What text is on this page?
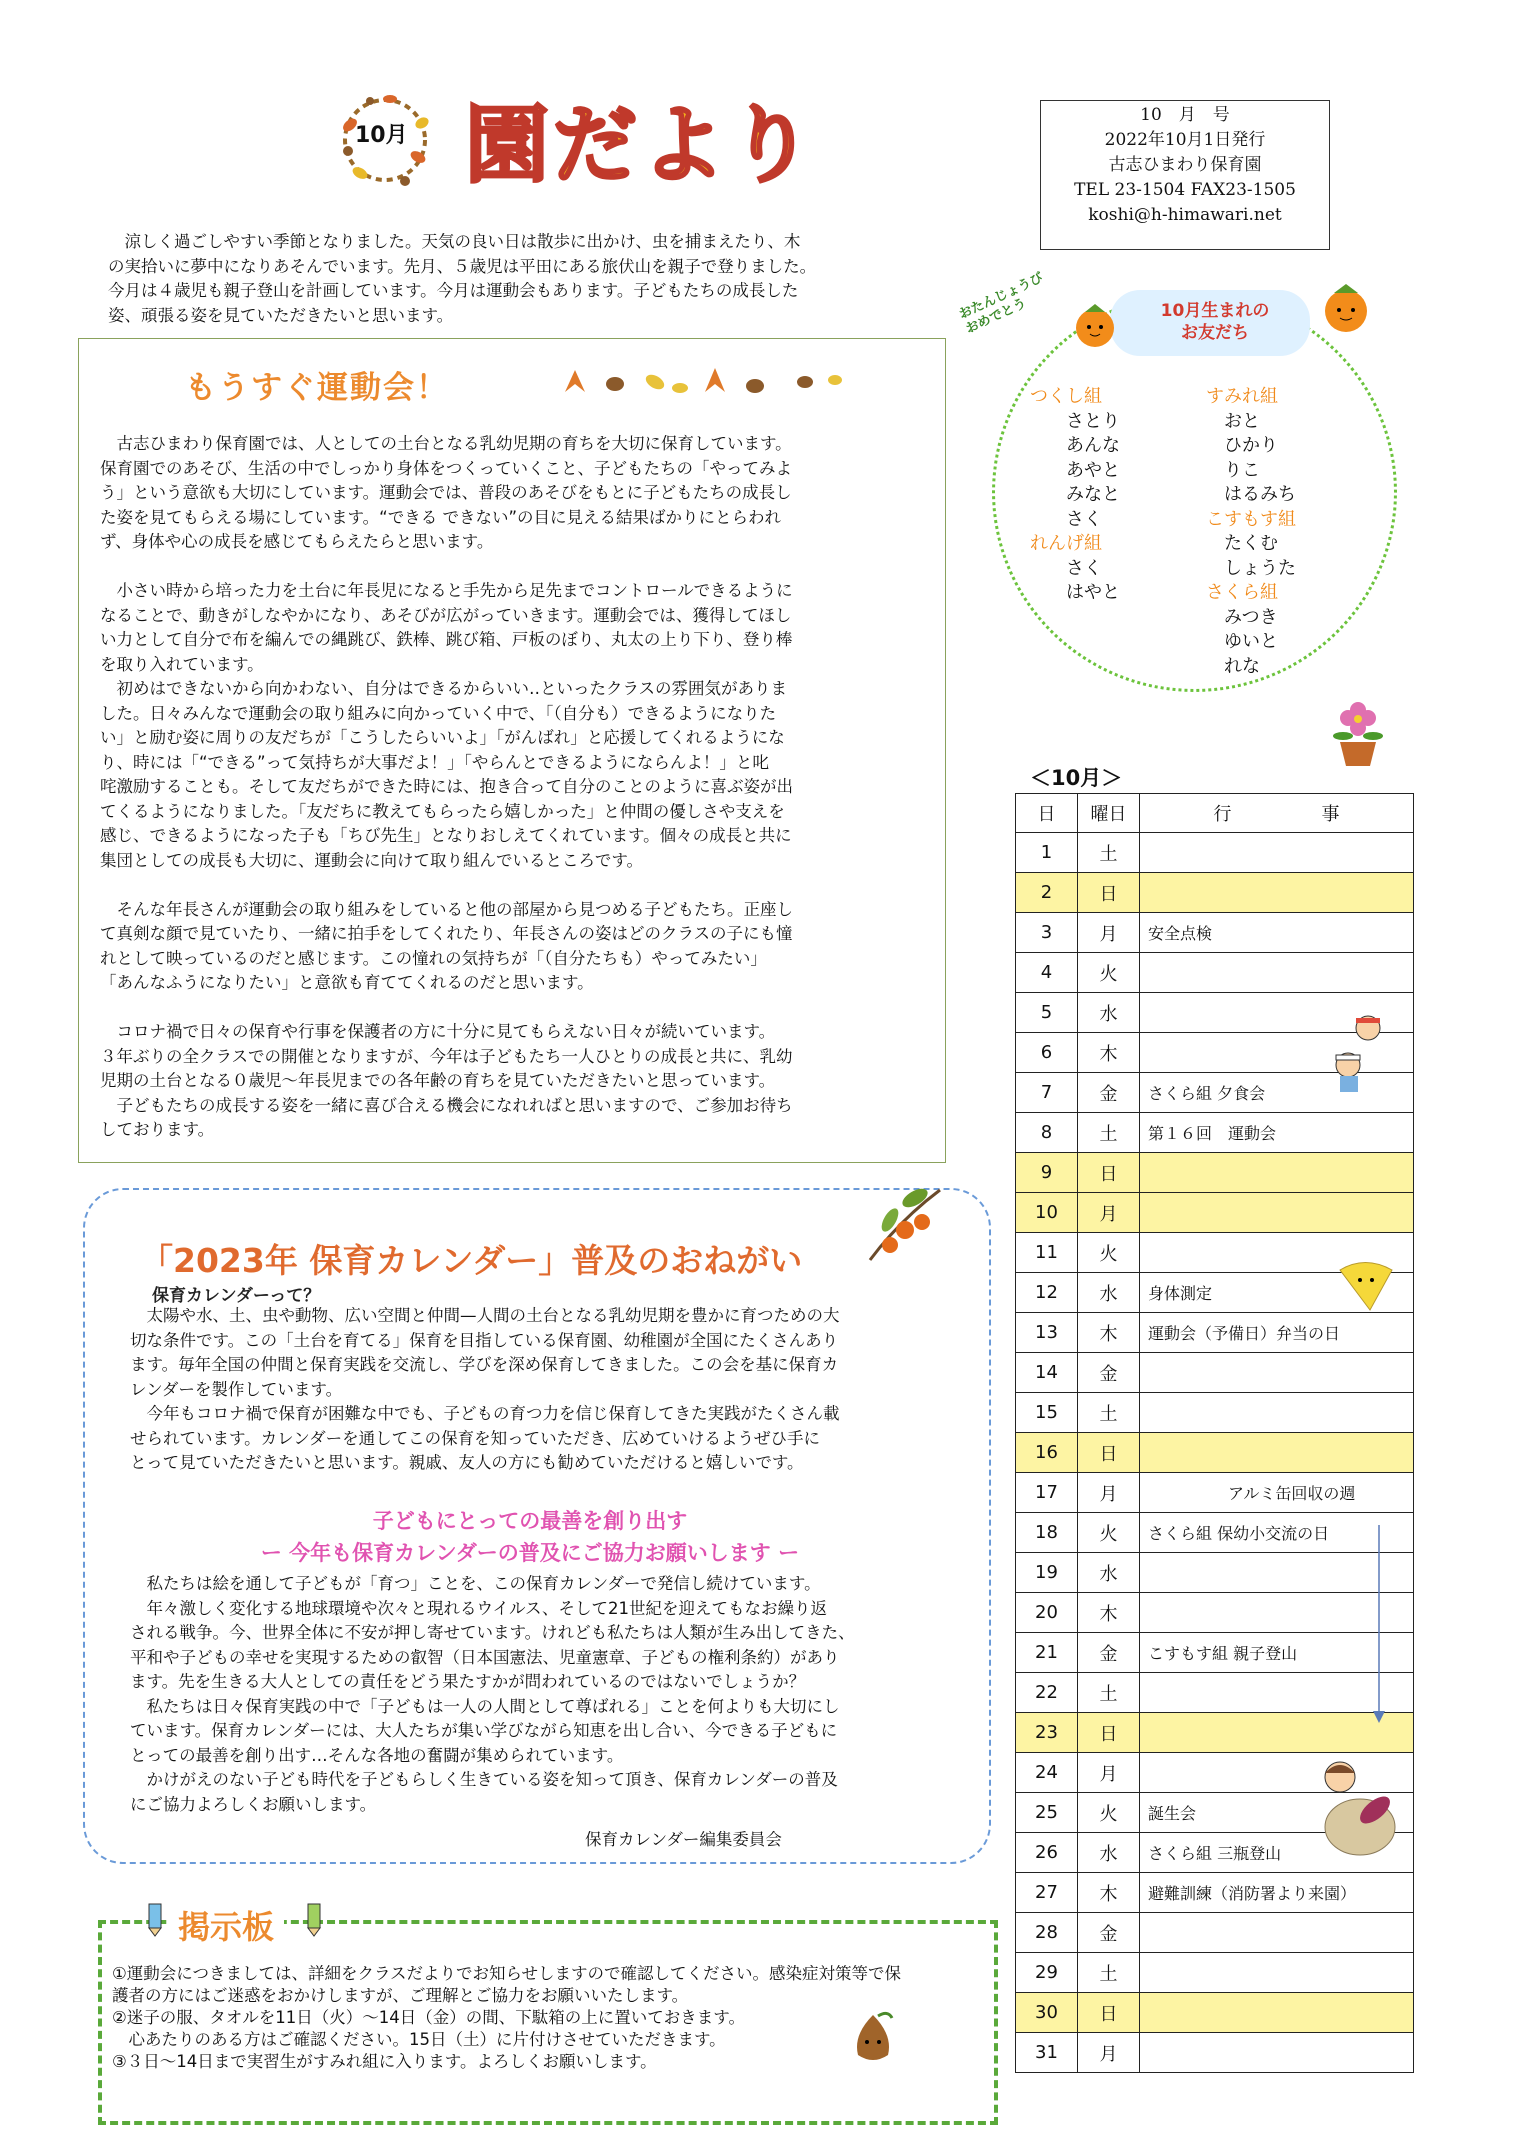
10月 園だより	10　月　号
2022年10月1日発行
古志ひまわり保育園
TEL 23-1504 FAX23-1505
koshi@h-himawari.net

　涼しく過ごしやすい季節となりました。天気の良い日は散歩に出かけ、虫を捕まえたり、木
の実拾いに夢中になりあそんでいます。先月、５歳児は平田にある旅伏山を親子で登りました。
今月は４歳児も親子登山を計画しています。今月は運動会もあります。子どもたちの成長した
姿、頑張る姿を見ていただきたいと思います。

もうすぐ運動会！

　古志ひまわり保育園では、人としての土台となる乳幼児期の育ちを大切に保育しています。
保育園でのあそび、生活の中でしっかり身体をつくっていくこと、子どもたちの「やってみよ
う」という意欲も大切にしています。運動会では、普段のあそびをもとに子どもたちの成長し
た姿を見てもらえる場にしています。“できる できない”の目に見える結果ばかりにとらわれ
ず、身体や心の成長を感じてもらえたらと思います。

　小さい時から培った力を土台に年長児になると手先から足先までコントロールできるように
なることで、動きがしなやかになり、あそびが広がっていきます。運動会では、獲得してほし
い力として自分で布を編んでの縄跳び、鉄棒、跳び箱、戸板のぼり、丸太の上り下り、登り棒
を取り入れています。
　初めはできないから向かわない、自分はできるからいい‥といったクラスの雰囲気がありま
した。日々みんなで運動会の取り組みに向かっていく中で、「（自分も）できるようになりた
い」と励む姿に周りの友だちが「こうしたらいいよ」「がんばれ」と応援してくれるようにな
り、時には「“できる”って気持ちが大事だよ！」「やらんとできるようにならんよ！」と叱
咤激励することも。そして友だちができた時には、抱き合って自分のことのように喜ぶ姿が出
てくるようになりました。「友だちに教えてもらったら嬉しかった」と仲間の優しさや支えを
感じ、できるようになった子も「ちび先生」となりおしえてくれています。個々の成長と共に
集団としての成長も大切に、運動会に向けて取り組んでいるところです。

　そんな年長さんが運動会の取り組みをしていると他の部屋から見つめる子どもたち。正座し
て真剣な顔で見ていたり、一緒に拍手をしてくれたり、年長さんの姿はどのクラスの子にも憧
れとして映っているのだと感じます。この憧れの気持ちが「（自分たちも）やってみたい」
「あんなふうになりたい」と意欲も育ててくれるのだと思います。

　コロナ禍で日々の保育や行事を保護者の方に十分に見てもらえない日々が続いています。
３年ぶりの全クラスでの開催となりますが、今年は子どもたち一人ひとりの成長と共に、乳幼
児期の土台となる０歳児〜年長児までの各年齢の育ちを見ていただきたいと思っています。
　子どもたちの成長する姿を一緒に喜び合える機会になれればと思いますので、ご参加お待ち
しております。

「2023年 保育カレンダー」普及のおねがい
保育カレンダーって？

　太陽や水、土、虫や動物、広い空間と仲間—人間の土台となる乳幼児期を豊かに育つための大
切な条件です。この「土台を育てる」保育を目指している保育園、幼稚園が全国にたくさんあり
ます。毎年全国の仲間と保育実践を交流し、学びを深め保育してきました。この会を基に保育カ
レンダーを製作しています。
　今年もコロナ禍で保育が困難な中でも、子どもの育つ力を信じ保育してきた実践がたくさん載
せられています。カレンダーを通してこの保育を知っていただき、広めていけるようぜひ手に
とって見ていただきたいと思います。親戚、友人の方にも勧めていただけると嬉しいです。

子どもにとっての最善を創り出す
ー 今年も保育カレンダーの普及にご協力お願いします ー

　私たちは絵を通して子どもが「育つ」ことを、この保育カレンダーで発信し続けています。
　年々激しく変化する地球環境や次々と現れるウイルス、そして21世紀を迎えてもなお繰り返
される戦争。今、世界全体に不安が押し寄せています。けれども私たちは人類が生み出してきた、
平和や子どもの幸せを実現するための叡智（日本国憲法、児童憲章、子どもの権利条約）があり
ます。先を生きる大人としての責任をどう果たすかが問われているのではないでしょうか？
　私たちは日々保育実践の中で「子どもは一人の人間として尊ばれる」ことを何よりも大切にし
ています。保育カレンダーには、大人たちが集い学びながら知恵を出し合い、今できる子どもに
とっての最善を創り出す…そんな各地の奮闘が集められています。
　かけがえのない子ども時代を子どもらしく生きている姿を知って頂き、保育カレンダーの普及
にご協力よろしくお願いします。

保育カレンダー編集委員会
掲示板

①運動会につきましては、詳細をクラスだよりでお知らせしますので確認してください。感染症対策等で保
護者の方にはご迷惑をおかけしますが、ご理解とご協力をお願いいたします。

②迷子の服、タオルを11日（火）～14日（金）の間、下駄箱の上に置いておきます。
　心あたりのある方はご確認ください。15日（土）に片付けさせていただきます。

③３日～14日まで実習生がすみれ組に入ります。よろしくお願いします。

10月生まれの
お友だち
おたんじょうび
おめでとう
つくし組
さとり
あんな
あやと
みなと
さく
れんげ組
さく
はやと
すみれ組
おと
ひかり
りこ
はるみち
こすもす組
たくむ
しょうた
さくら組
みつき
ゆいと
れな
＜10月＞
日	曜日	行　　　　　事
1	土	
2	日	
3	月	安全点検
4	火	
5	水	
6	木	
7	金	さくら組 夕食会
8	土	第１６回　運動会
9	日	
10	月	
11	火	
12	水	身体測定
13	木	運動会（予備日）弁当の日
14	金	
15	土	
16	日	
17	月	　　　　　アルミ缶回収の週
18	火	さくら組 保幼小交流の日
19	水	
20	木	
21	金	こすもす組 親子登山
22	土	
23	日	
24	月	
25	火	誕生会
26	水	さくら組 三瓶登山
27	木	避難訓練（消防署より来園）
28	金	
29	土	
30	日	
31	月	
